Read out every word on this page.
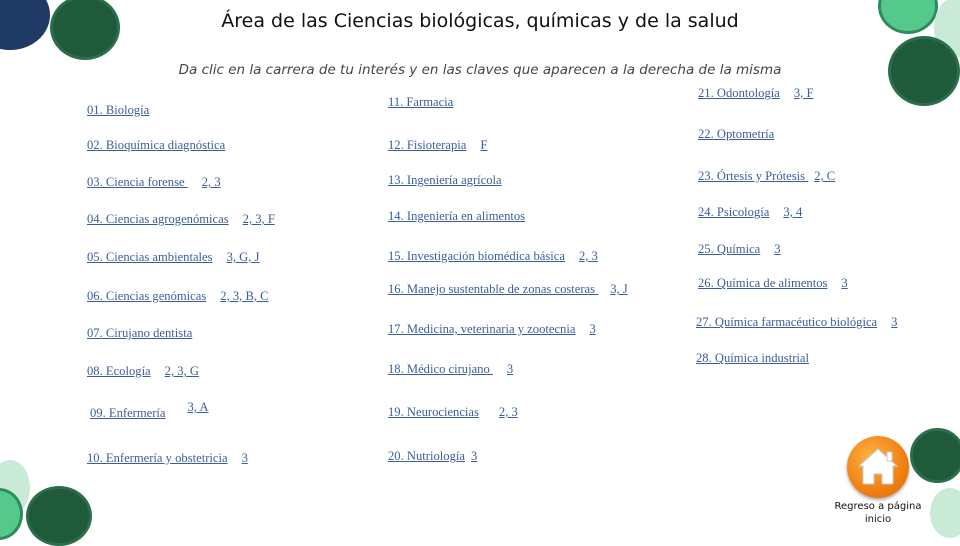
Área de las Ciencias biológicas, químicas y de la salud
Da clic en la carrera de tu interés y en las claves que aparecen a la derecha de la misma
01. Biología
02. Bioquímica diagnóstica
03. Ciencia forense 2, 3
04. Ciencias agrogenómicas 2, 3, F
05. Ciencias ambientales 3, G, J
06. Ciencias genómicas 2, 3, B, C
07. Cirujano dentista
08. Ecología 2, 3, G
09. Enfermería 3, A
10. Enfermería y obstetricia 3
11. Farmacia
12. Fisioterapia F
13. Ingeniería agrícola
14. Ingeniería en alimentos
15. Investigación biomédica básica 2, 3
16. Manejo sustentable de zonas costeras 3, J
17. Medicina, veterinaria y zootecnia 3
18. Médico cirujano 3
19. Neurociencias 2, 3
20. Nutriología 3
21. Odontología 3, F
22. Optometría
23. Órtesis y Prótesis 2, C
24. Psicología 3, 4
25. Química 3
26. Química de alimentos 3
27. Química farmacéutico biológica 3
28. Química industrial
Regreso a página
inicio
